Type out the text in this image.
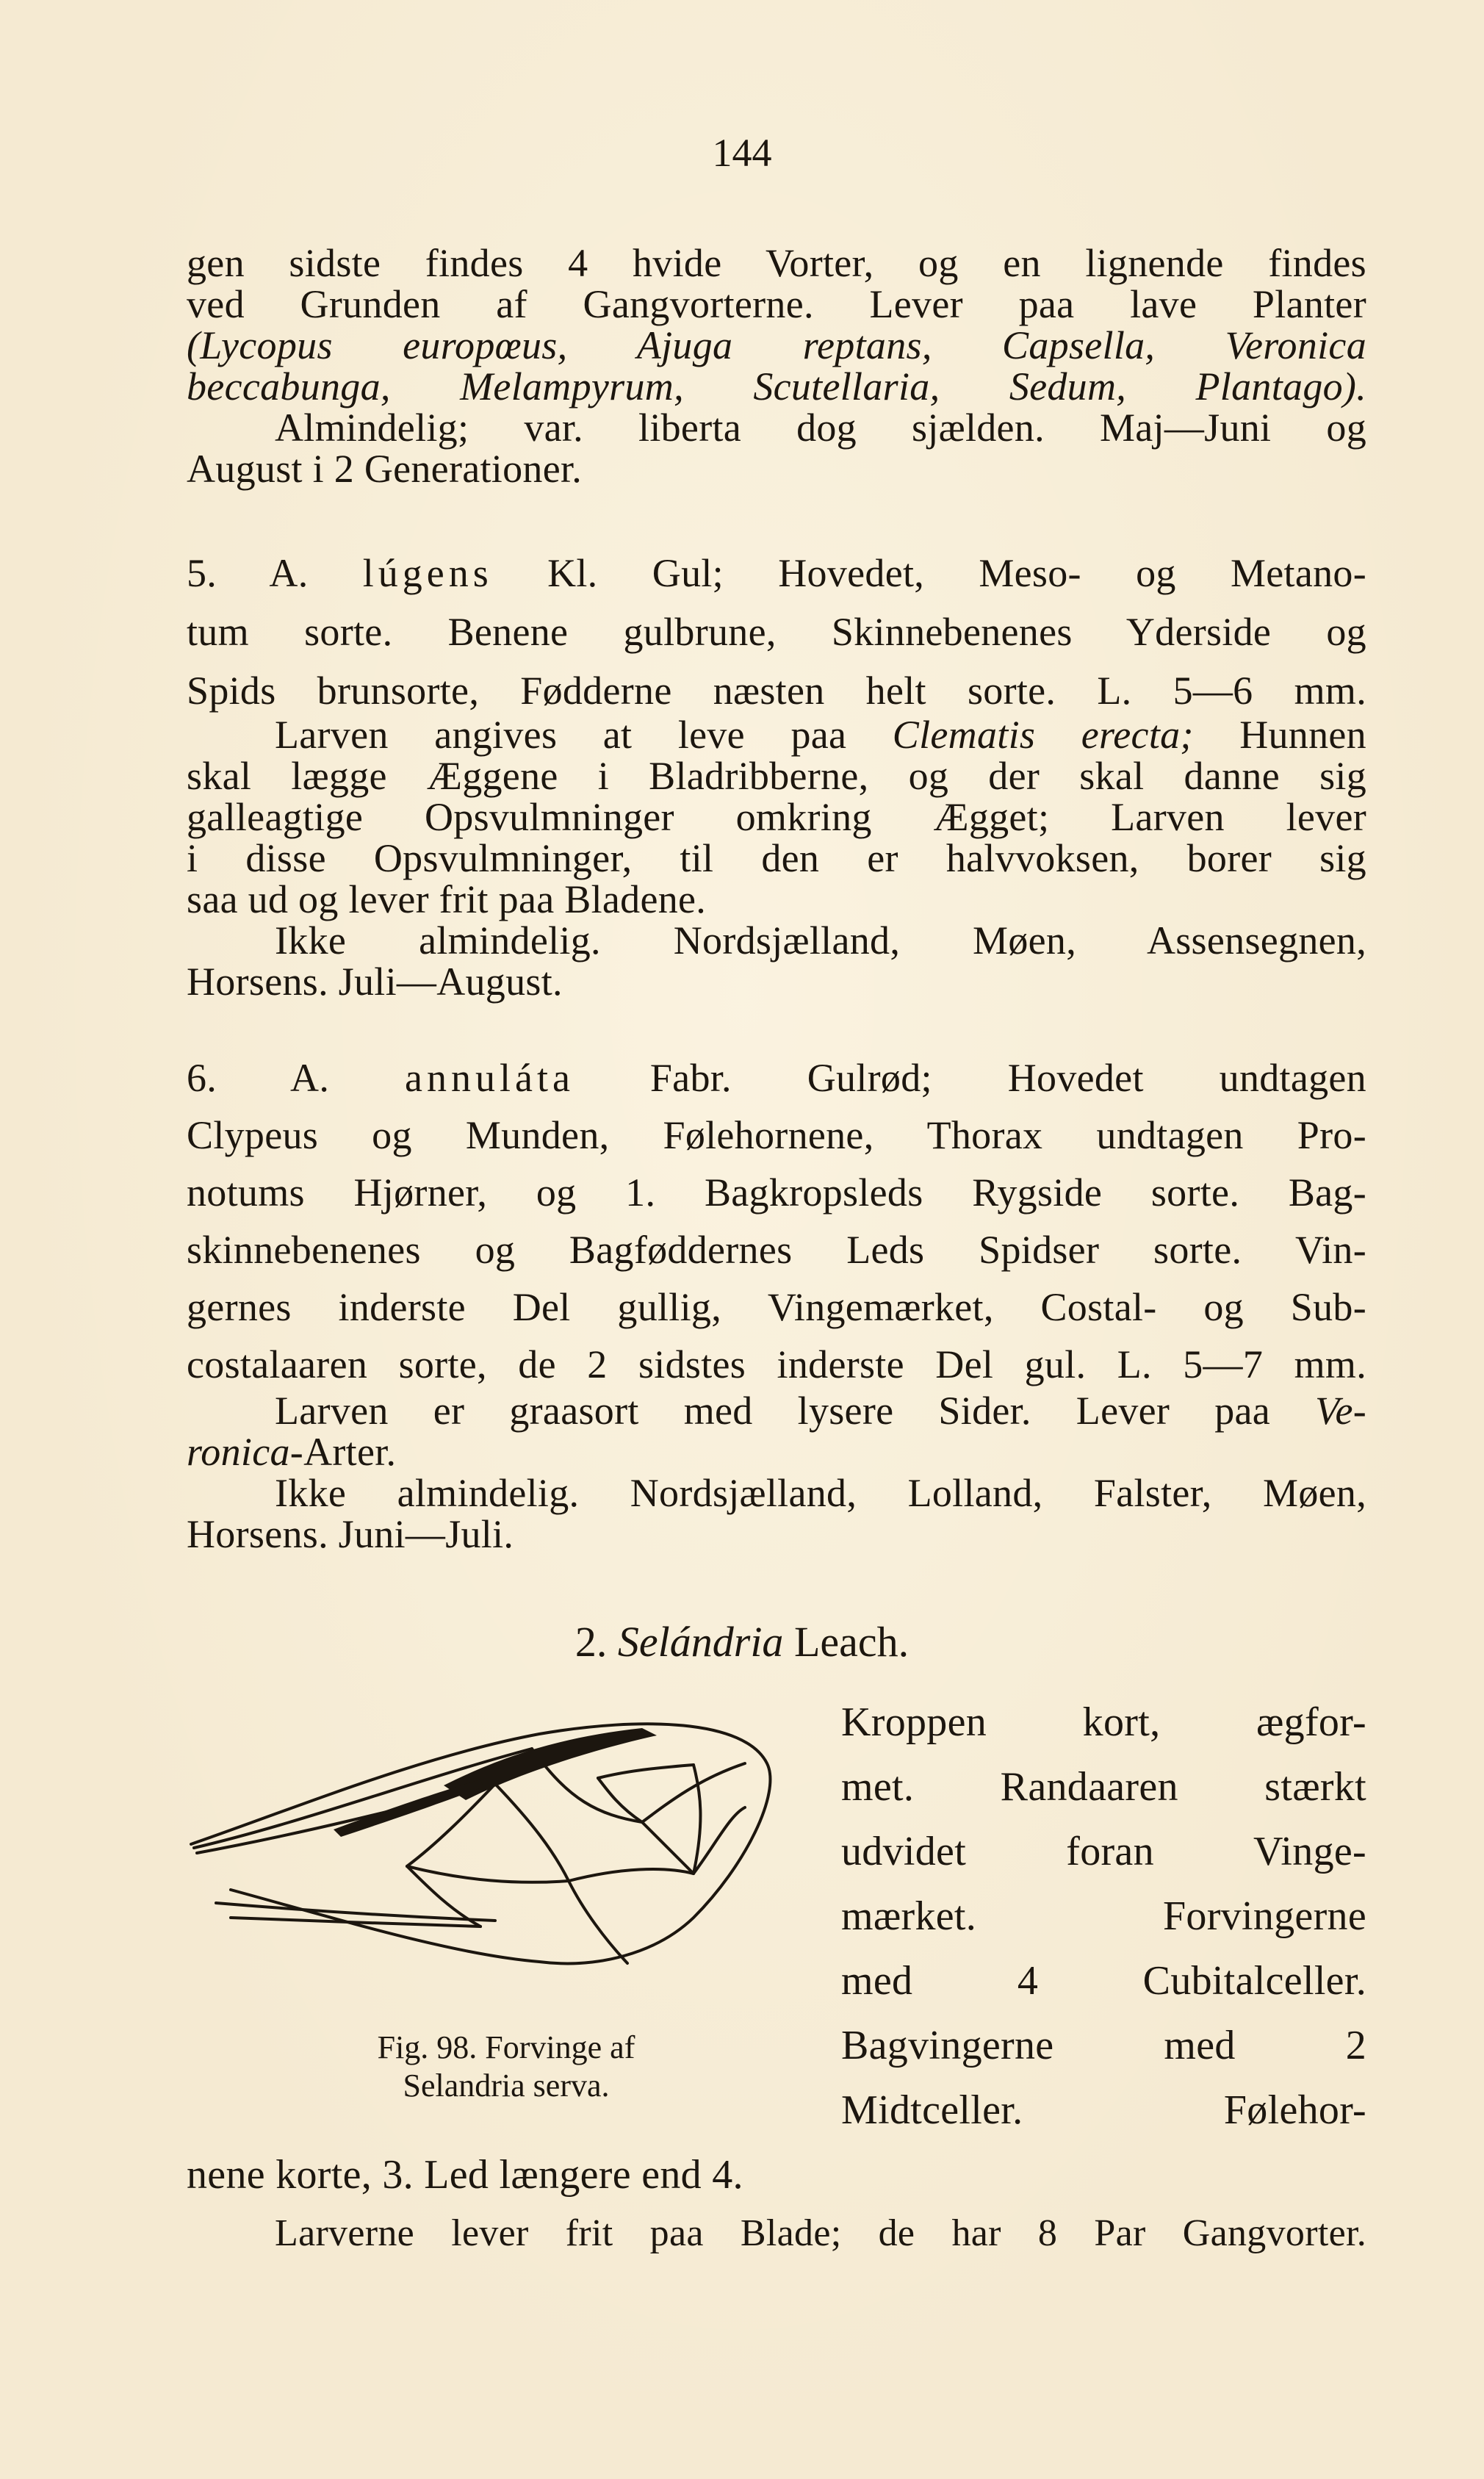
144
gen sidste findes 4 hvide Vorter, og en lignende findes
ved Grunden af Gangvorterne. Lever paa lave Planter
(Lycopus europœus, Ajuga reptans, Capsella, Veronica
beccabunga, Melampyrum, Scutellaria, Sedum, Plantago).
Almindelig; var. liberta dog sjælden. Maj—Juni og
August i 2 Generationer.
5. A. lúgens Kl. Gul; Hovedet, Meso- og Metano-
tum sorte. Benene gulbrune, Skinnebenenes Yderside og
Spids brunsorte, Fødderne næsten helt sorte. L. 5—6 mm.
Larven angives at leve paa Clematis erecta; Hunnen
skal lægge Æggene i Bladribberne, og der skal danne sig
galleagtige Opsvulmninger omkring Ægget; Larven lever
i disse Opsvulmninger, til den er halvvoksen, borer sig
saa ud og lever frit paa Bladene.
Ikke almindelig. Nordsjælland, Møen, Assensegnen,
Horsens. Juli—August.
6. A. annuláta Fabr. Gulrød; Hovedet undtagen
Clypeus og Munden, Følehornene, Thorax undtagen Pro-
notums Hjørner, og 1. Bagkropsleds Rygside sorte. Bag-
skinnebenenes og Bagføddernes Leds Spidser sorte. Vin-
gernes inderste Del gullig, Vingemærket, Costal- og Sub-
costalaaren sorte, de 2 sidstes inderste Del gul. L. 5—7 mm.
Larven er graasort med lysere Sider. Lever paa Ve-
ronica-Arter.
Ikke almindelig. Nordsjælland, Lolland, Falster, Møen,
Horsens. Juni—Juli.
2. Selándria Leach.
Fig. 98. Forvinge af
Selandria serva.
Kroppen kort, ægfor-
met. Randaaren stærkt
udvidet foran Vinge-
mærket. Forvingerne
med 4 Cubitalceller.
Bagvingerne med 2
Midtceller. Følehor-
nene korte, 3. Led længere end 4.
Larverne lever frit paa Blade; de har 8 Par Gangvorter.
